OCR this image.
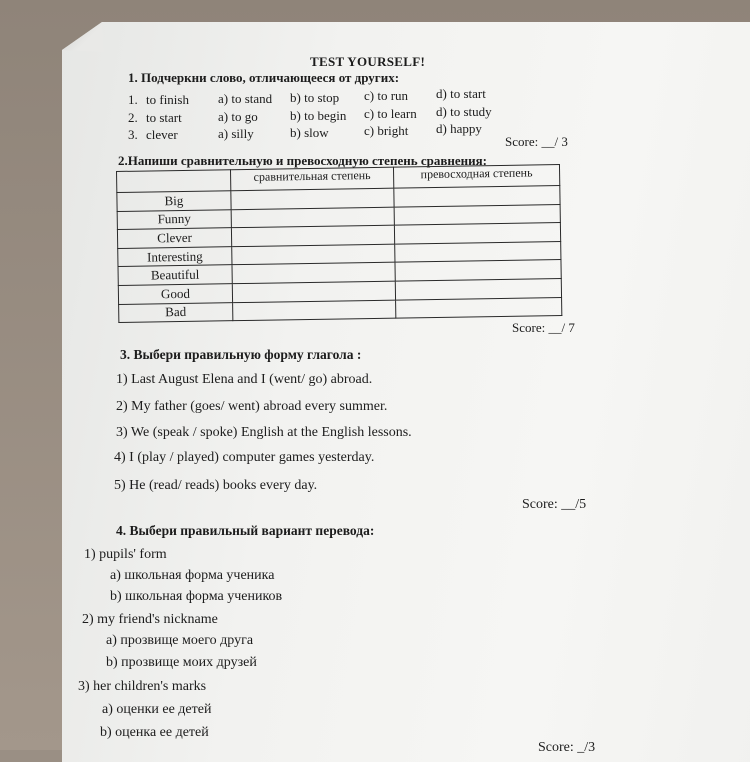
TEST YOURSELF!
1. Подчеркни слово, отличающееся от других:
1. to finish a) to stand b) to stop c) to run d) to start
2. to start	a) to go b) to begin c) to learn d) to study
3. clever	a) silly	b) slow	c) bright d) happy
Score: __/ 3
2.Напиши сравнительную и превосходную степень сравнения:
	сравнительная степень	превосходная степень
Big		
Funny		
Clever		
Interesting		
Beautiful		
Good		
Bad		
Score: __/ 7
3. Выбери правильную форму глагола :
1) Last August Elena and I (went/ go) abroad.
2) My father (goes/ went) abroad every summer.
3) We (speak / spoke) English at the English lessons.
4) I (play / played) computer games yesterday.
5) He (read/ reads) books every day.
Score: __/5
4. Выбери правильный вариант перевода:
1) pupils' form
a) школьная форма ученика
b) школьная форма учеников
2) my friend's nickname
a) прозвище моего друга
b) прозвище моих друзей
3) her children's marks
a) оценки ее детей
b) оценка ее детей
Score: _/3
